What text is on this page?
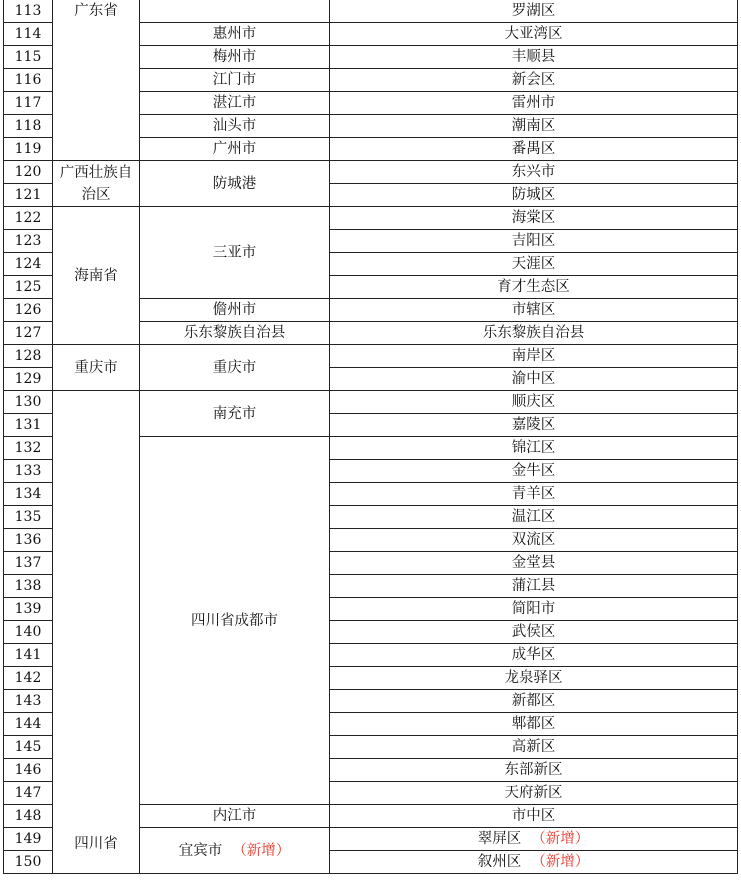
113	广东省		罗湖区
114		惠州市	大亚湾区
115		梅州市	丰顺县
116		江门市	新会区
117		湛江市	雷州市
118		汕头市	潮南区
119		广州市	番禺区
120	广西壮族自治区	防城港	东兴市
121			防城区
122	海南省	三亚市	海棠区
123			吉阳区
124			天涯区
125			育才生态区
126		儋州市	市辖区
127		乐东黎族自治县	乐东黎族自治县
128	重庆市	重庆市	南岸区
129			渝中区
130	四川省	南充市	顺庆区
131			嘉陵区
132		四川省成都市	锦江区
133			金牛区
134			青羊区
135			温江区
136			双流区
137			金堂县
138			蒲江县
139			简阳市
140			武侯区
141			成华区
142			龙泉驿区
143			新都区
144			郫都区
145			高新区
146			东部新区
147			天府新区
148		内江市	市中区
149		宜宾市 （新增）	翠屏区 （新增）
150			叙州区 （新增）
